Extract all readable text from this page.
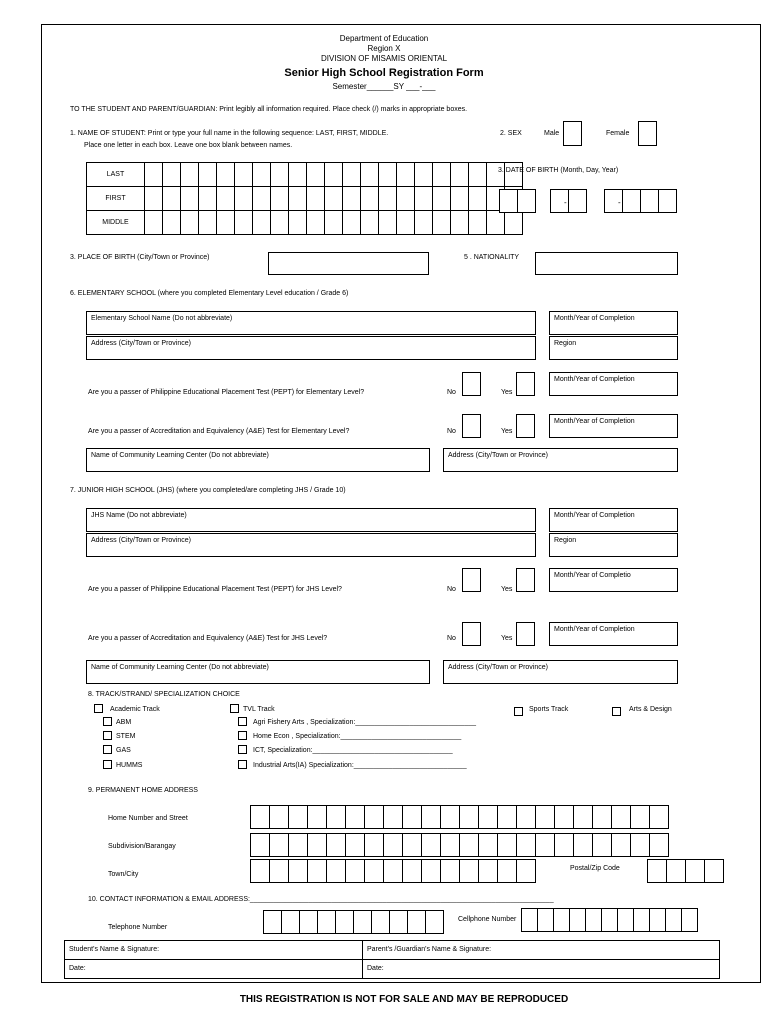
Department of Education
Region X
DIVISION OF MISAMIS ORIENTAL
Senior High School Registration Form
Semester______SY ___-___
TO THE STUDENT AND PARENT/GUARDIAN: Print legibly all information required. Place check (/) marks in appropriate boxes.
1. NAME OF STUDENT: Print or type your full name in the following sequence: LAST, FIRST, MIDDLE.
Place one letter in each box. Leave one box blank between names.
LAST																					
FIRST																					
MIDDLE																					
2. SEX	Male	Female
3. DATE OF BIRTH (Month, Day, Year)
-	-
3. PLACE OF BIRTH (City/Town or Province)	5 . NATIONALITY
6. ELEMENTARY SCHOOL (where you completed Elementary Level education / Grade 6)
Elementary School Name (Do not abbreviate)	Month/Year of Completion
Address (City/Town or Province)	Region
Are you a passer of Philippine Educational Placement Test (PEPT) for Elementary Level?	No	Yes
Month/Year of Completion
Are you a passer of Accreditation and Equivalency (A&E) Test for Elementary Level?	No	Yes
Month/Year of Completion
Name of Community Learning Center (Do not abbreviate)	Address (City/Town or Province)
7. JUNIOR HIGH SCHOOL (JHS) (where you completed/are completing JHS / Grade 10)
JHS Name (Do not abbreviate)	Month/Year of Completion
Address (City/Town or Province)	Region
Are you a passer of Philippine Educational Placement Test (PEPT) for JHS Level?	No	Yes
Month/Year of Completio
Are you a passer of Accreditation and Equivalency (A&E) Test for JHS Level?	No	Yes
Month/Year of Completion
Name of Community Learning Center (Do not abbreviate)	Address (City/Town or Province)
8. TRACK/STRAND/ SPECIALIZATION CHOICE
Academic Track	TVL Track	Sports Track	Arts & Design
ABM
STEM
GAS
HUMMS
Agri Fishery Arts , Specialization:_______________________________
Home Econ , Specialization:_______________________________
ICT, Specialization:____________________________________
Industrial Arts(IA) Specialization:_____________________________
9. PERMANENT HOME ADDRESS
Home Number and Street
Subdivision/Barangay
Town/City
Postal/Zip Code
10. CONTACT INFORMATION & EMAIL ADDRESS:______________________________________________________________________________
Telephone Number
Cellphone Number
Student's Name & Signature:	Parent's /Guardian's Name & Signature:
Date:	Date:
THIS REGISTRATION IS NOT FOR SALE AND MAY BE REPRODUCED
